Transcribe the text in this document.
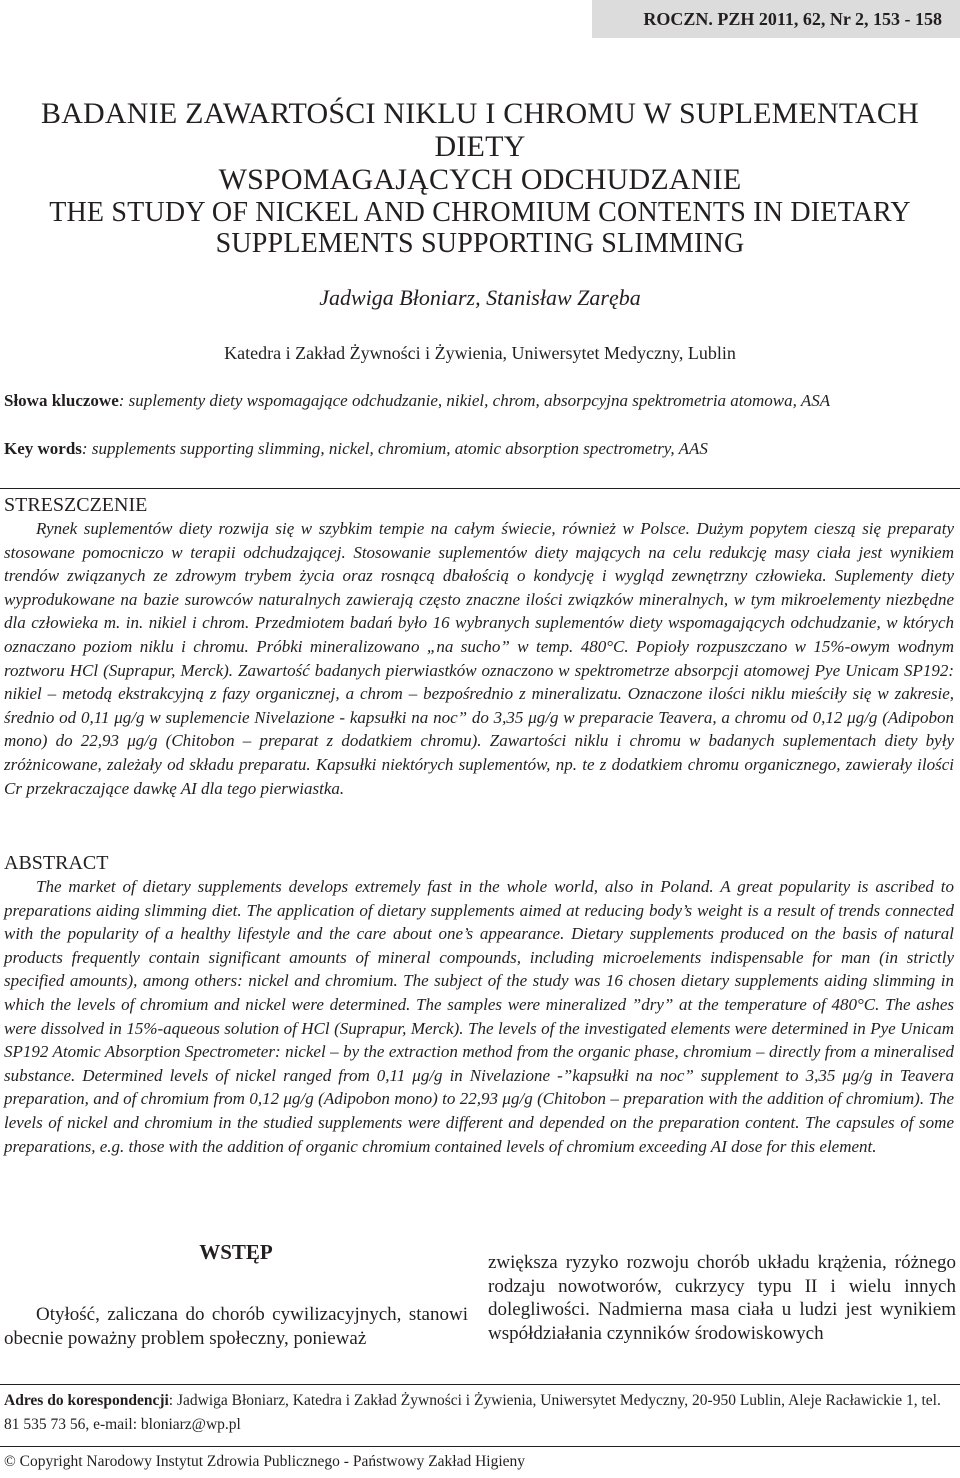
ROCZN. PZH 2011, 62, Nr 2, 153 - 158
BADANIE ZAWARTOŚCI NIKLU I CHROMU W SUPLEMENTACH DIETY
WSPOMAGAJĄCYCH ODCHUDZANIE
THE STUDY OF NICKEL AND CHROMIUM CONTENTS IN DIETARY
SUPPLEMENTS SUPPORTING SLIMMING
Jadwiga Błoniarz, Stanisław Zaręba
Katedra i Zakład Żywności i Żywienia, Uniwersytet Medyczny, Lublin
Słowa kluczowe: suplementy diety wspomagające odchudzanie, nikiel, chrom, absorpcyjna spektrometria atomowa, ASA
Key words: supplements supporting slimming, nickel, chromium, atomic absorption spectrometry, AAS
STRESZCZENIE
Rynek suplementów diety rozwija się w szybkim tempie na całym świecie, również w Polsce. Dużym popytem cieszą się preparaty stosowane pomocniczo w terapii odchudzającej. Stosowanie suplementów diety mających na celu redukcję masy ciała jest wynikiem trendów związanych ze zdrowym trybem życia oraz rosnącą dbałością o kondycję i wygląd zewnętrzny człowieka. Suplementy diety wyprodukowane na bazie surowców naturalnych zawierają często znaczne ilości związków mineralnych, w tym mikroelementy niezbędne dla człowieka m. in. nikiel i chrom. Przedmiotem badań było 16 wybranych suplementów diety wspomagających odchudzanie, w których oznaczano poziom niklu i chromu. Próbki mineralizowano „na sucho” w temp. 480°C. Popioły rozpuszczano w 15%-owym wodnym roztworu HCl (Suprapur, Merck). Zawartość badanych pierwiastków oznaczono w spektrometrze absorpcji atomowej Pye Unicam SP192: nikiel – metodą ekstrakcyjną z fazy organicznej, a chrom – bezpośrednio z mineralizatu. Oznaczone ilości niklu mieściły się w zakresie, średnio od 0,11 μg/g w suplemencie Nivelazione - kapsułki na noc” do 3,35 μg/g w preparacie Teavera, a chromu od 0,12 μg/g (Adipobon mono) do 22,93 μg/g (Chitobon – preparat z dodatkiem chromu). Zawartości niklu i chromu w badanych suplementach diety były zróżnicowane, zależały od składu preparatu. Kapsułki niektórych suplementów, np. te z dodatkiem chromu organicznego, zawierały ilości Cr przekraczające dawkę AI dla tego pierwiastka.
ABSTRACT
The market of dietary supplements develops extremely fast in the whole world, also in Poland. A great popularity is ascribed to preparations aiding slimming diet. The application of dietary supplements aimed at reducing body’s weight is a result of trends connected with the popularity of a healthy lifestyle and the care about one’s appearance. Dietary supplements produced on the basis of natural products frequently contain significant amounts of mineral compounds, including microelements indispensable for man (in strictly specified amounts), among others: nickel and chromium. The subject of the study was 16 chosen dietary supplements aiding slimming in which the levels of chromium and nickel were determined. The samples were mineralized ”dry” at the temperature of 480°C. The ashes were dissolved in 15%-aqueous solution of HCl (Suprapur, Merck). The levels of the investigated elements were determined in Pye Unicam SP192 Atomic Absorption Spectrometer: nickel – by the extraction method from the organic phase, chromium – directly from a mineralised substance. Determined levels of nickel ranged from 0,11 μg/g in Nivelazione -”kapsułki na noc” supplement to 3,35 μg/g in Teavera preparation, and of chromium from 0,12 μg/g (Adipobon mono) to 22,93 μg/g (Chitobon – preparation with the addition of chromium). The levels of nickel and chromium in the studied supplements were different and depended on the preparation content. The capsules of some preparations, e.g. those with the addition of organic chromium contained levels of chromium exceeding AI dose for this element.
WSTĘP
Otyłość, zaliczana do chorób cywilizacyjnych, stanowi obecnie poważny problem społeczny, ponieważ
zwiększa ryzyko rozwoju chorób układu krążenia, różnego rodzaju nowotworów, cukrzycy typu II i wielu innych dolegliwości. Nadmierna masa ciała u ludzi jest wynikiem współdziałania czynników środowiskowych
Adres do korespondencji: Jadwiga Błoniarz, Katedra i Zakład Żywności i Żywienia, Uniwersytet Medyczny, 20-950 Lublin, Aleje Racławickie 1, tel. 81 535 73 56, e-mail: bloniarz@wp.pl
© Copyright Narodowy Instytut Zdrowia Publicznego - Państwowy Zakład Higieny
